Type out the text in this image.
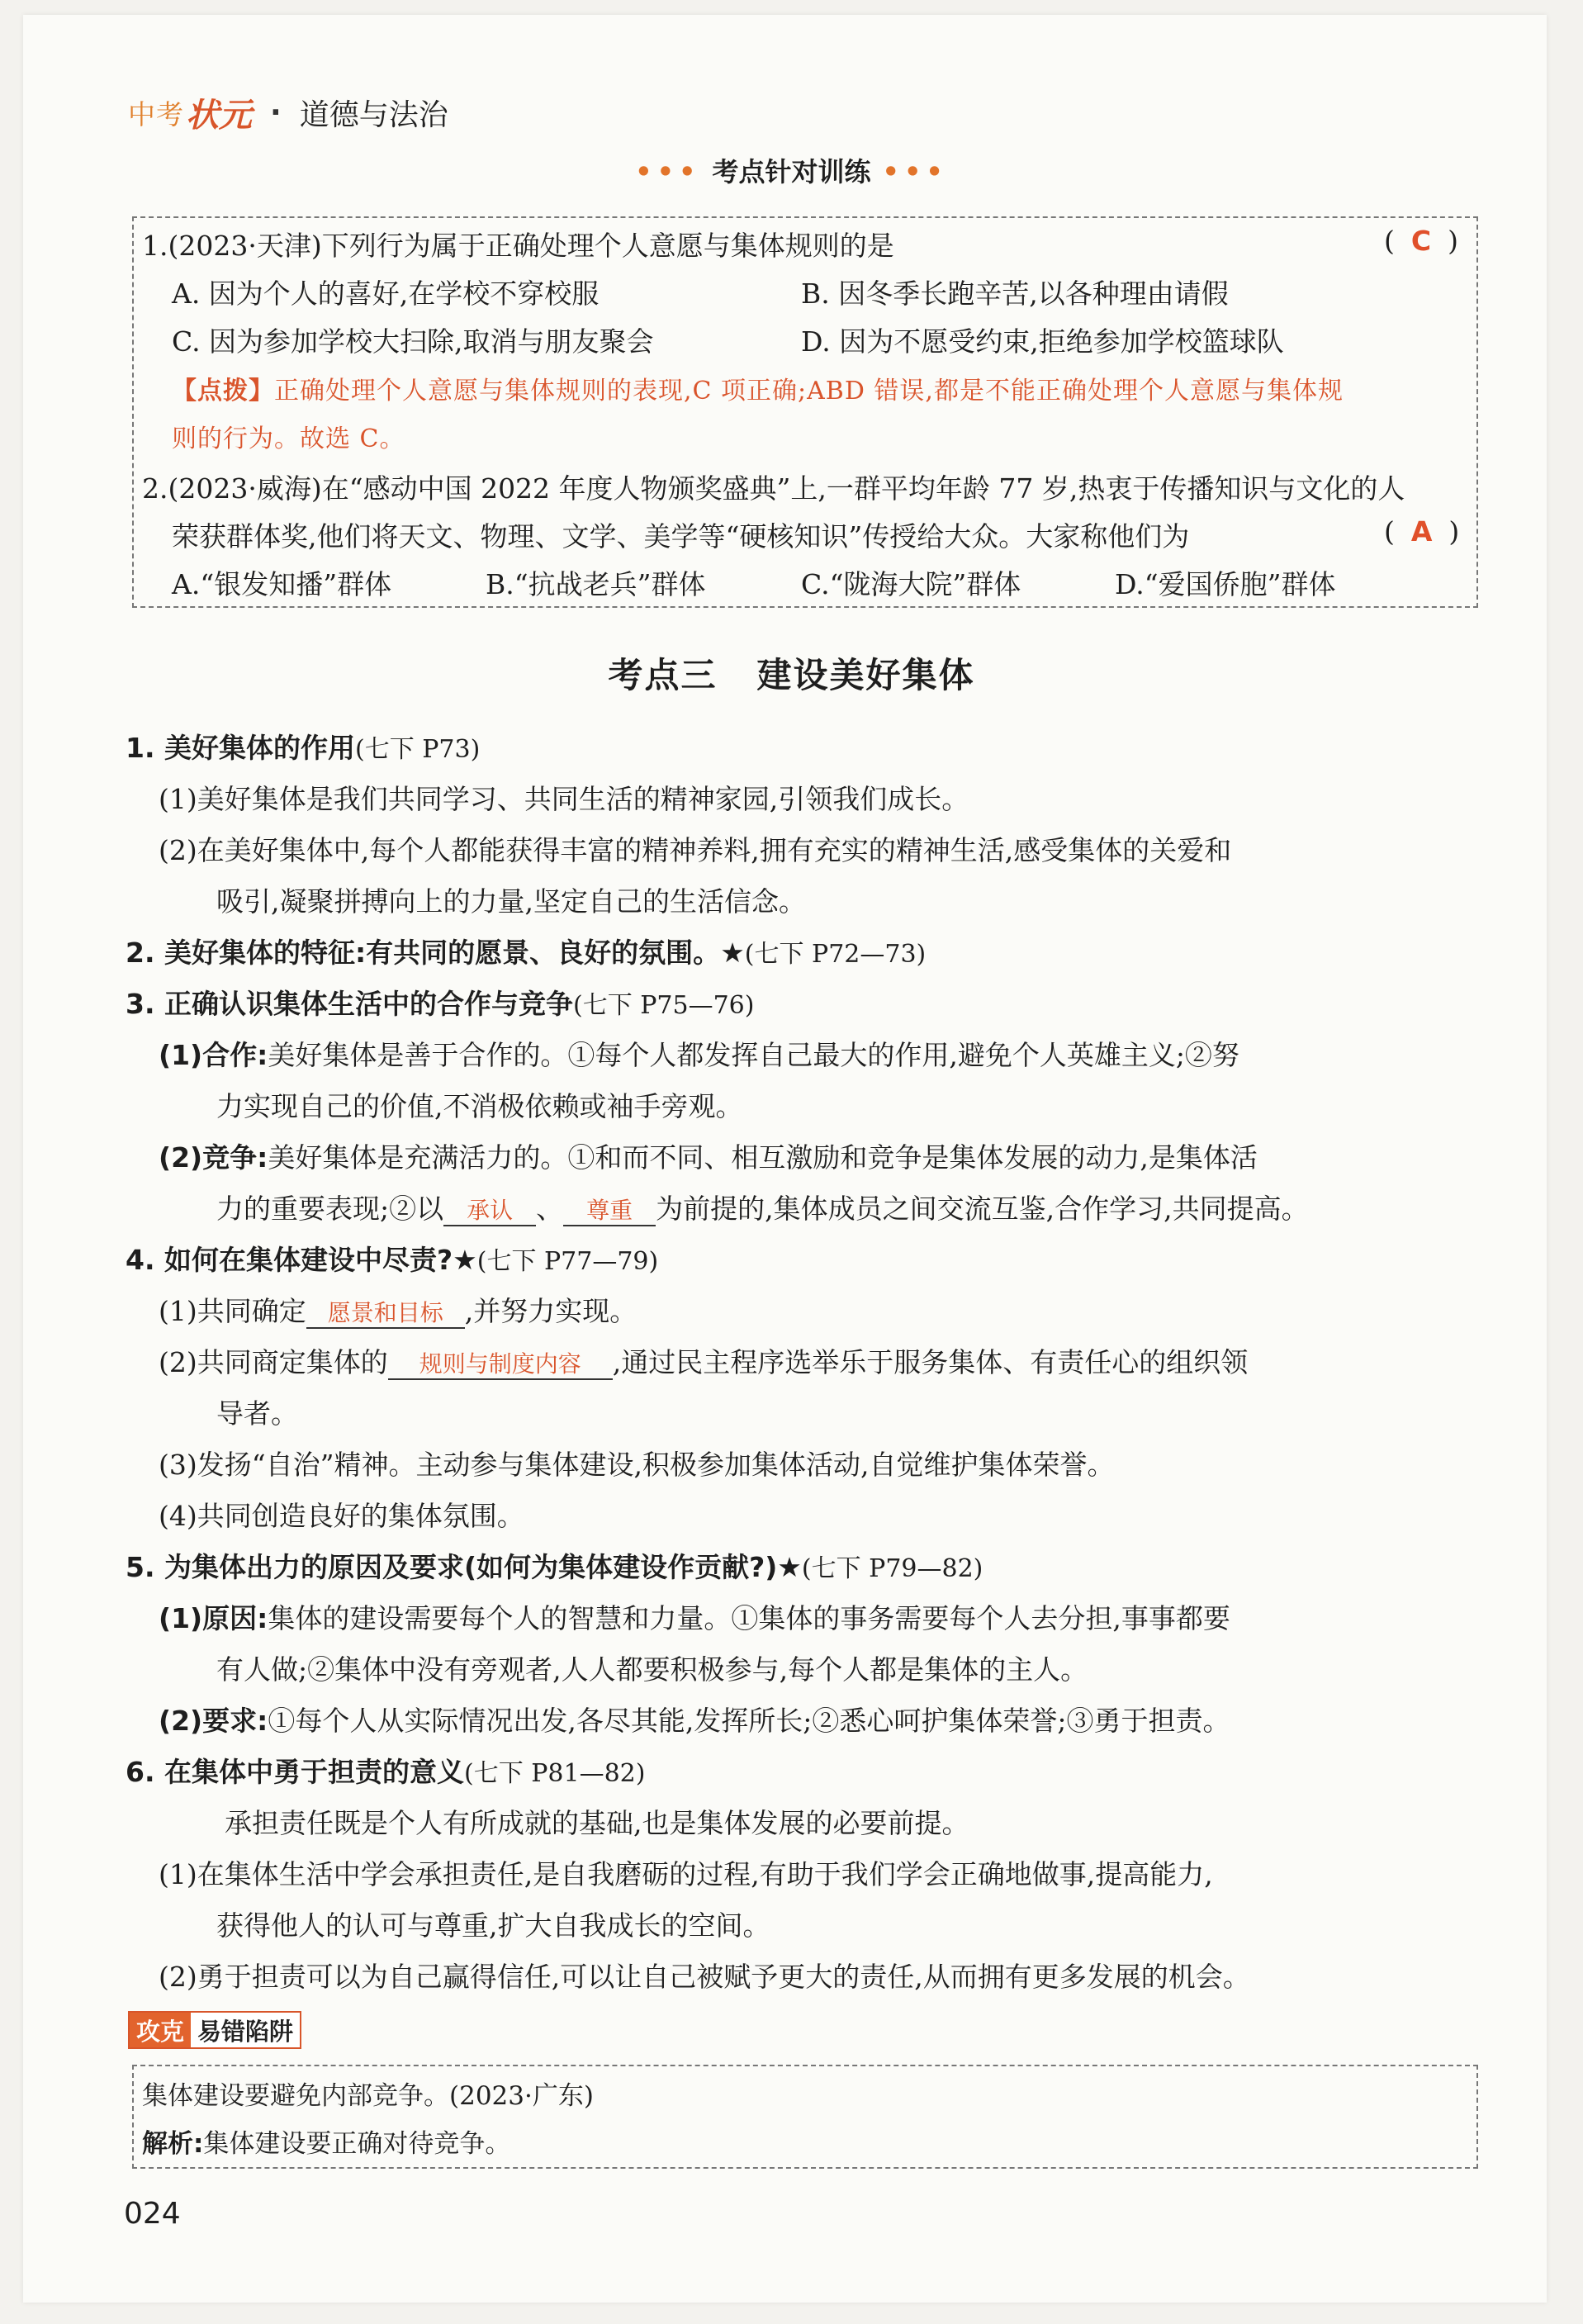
中考 状元 · 道德与法治
••• 考点针对训练 •••
1.(2023·天津)下列行为属于正确处理个人意愿与集体规则的是	( C )
A. 因为个人的喜好,在学校不穿校服	B. 因冬季长跑辛苦,以各种理由请假
C. 因为参加学校大扫除,取消与朋友聚会	D. 因为不愿受约束,拒绝参加学校篮球队
【点拨】正确处理个人意愿与集体规则的表现,C 项正确;ABD 错误,都是不能正确处理个人意愿与集体规
则的行为。故选 C。
2.(2023·威海)在“感动中国 2022 年度人物颁奖盛典”上,一群平均年龄 77 岁,热衷于传播知识与文化的人
荣获群体奖,他们将天文、物理、文学、美学等“硬核知识”传授给大众。大家称他们为	( A )
A.“银发知播”群体	B.“抗战老兵”群体	C.“陇海大院”群体	D.“爱国侨胞”群体
考点三 建设美好集体
1. 美好集体的作用(七下 P73)
(1)美好集体是我们共同学习、共同生活的精神家园,引领我们成长。
(2)在美好集体中,每个人都能获得丰富的精神养料,拥有充实的精神生活,感受集体的关爱和
吸引,凝聚拼搏向上的力量,坚定自己的生活信念。
2. 美好集体的特征:有共同的愿景、良好的氛围。★(七下 P72—73)
3. 正确认识集体生活中的合作与竞争(七下 P75—76)
(1)合作:美好集体是善于合作的。①每个人都发挥自己最大的作用,避免个人英雄主义;②努
力实现自己的价值,不消极依赖或袖手旁观。
(2)竞争:美好集体是充满活力的。①和而不同、相互激励和竞争是集体发展的动力,是集体活
力的重要表现;②以 承认 、 尊重 为前提的,集体成员之间交流互鉴,合作学习,共同提高。
4. 如何在集体建设中尽责?★(七下 P77—79)
(1)共同确定 愿景和目标 ,并努力实现。
(2)共同商定集体的 规则与制度内容 ,通过民主程序选举乐于服务集体、有责任心的组织领
导者。
(3)发扬“自治”精神。主动参与集体建设,积极参加集体活动,自觉维护集体荣誉。
(4)共同创造良好的集体氛围。
5. 为集体出力的原因及要求(如何为集体建设作贡献?)★(七下 P79—82)
(1)原因:集体的建设需要每个人的智慧和力量。①集体的事务需要每个人去分担,事事都要
有人做;②集体中没有旁观者,人人都要积极参与,每个人都是集体的主人。
(2)要求:①每个人从实际情况出发,各尽其能,发挥所长;②悉心呵护集体荣誉;③勇于担责。
6. 在集体中勇于担责的意义(七下 P81—82)
承担责任既是个人有所成就的基础,也是集体发展的必要前提。
(1)在集体生活中学会承担责任,是自我磨砺的过程,有助于我们学会正确地做事,提高能力,
获得他人的认可与尊重,扩大自我成长的空间。
(2)勇于担责可以为自己赢得信任,可以让自己被赋予更大的责任,从而拥有更多发展的机会。
攻克 易错陷阱
集体建设要避免内部竞争。(2023·广东)
解析:集体建设要正确对待竞争。
024
